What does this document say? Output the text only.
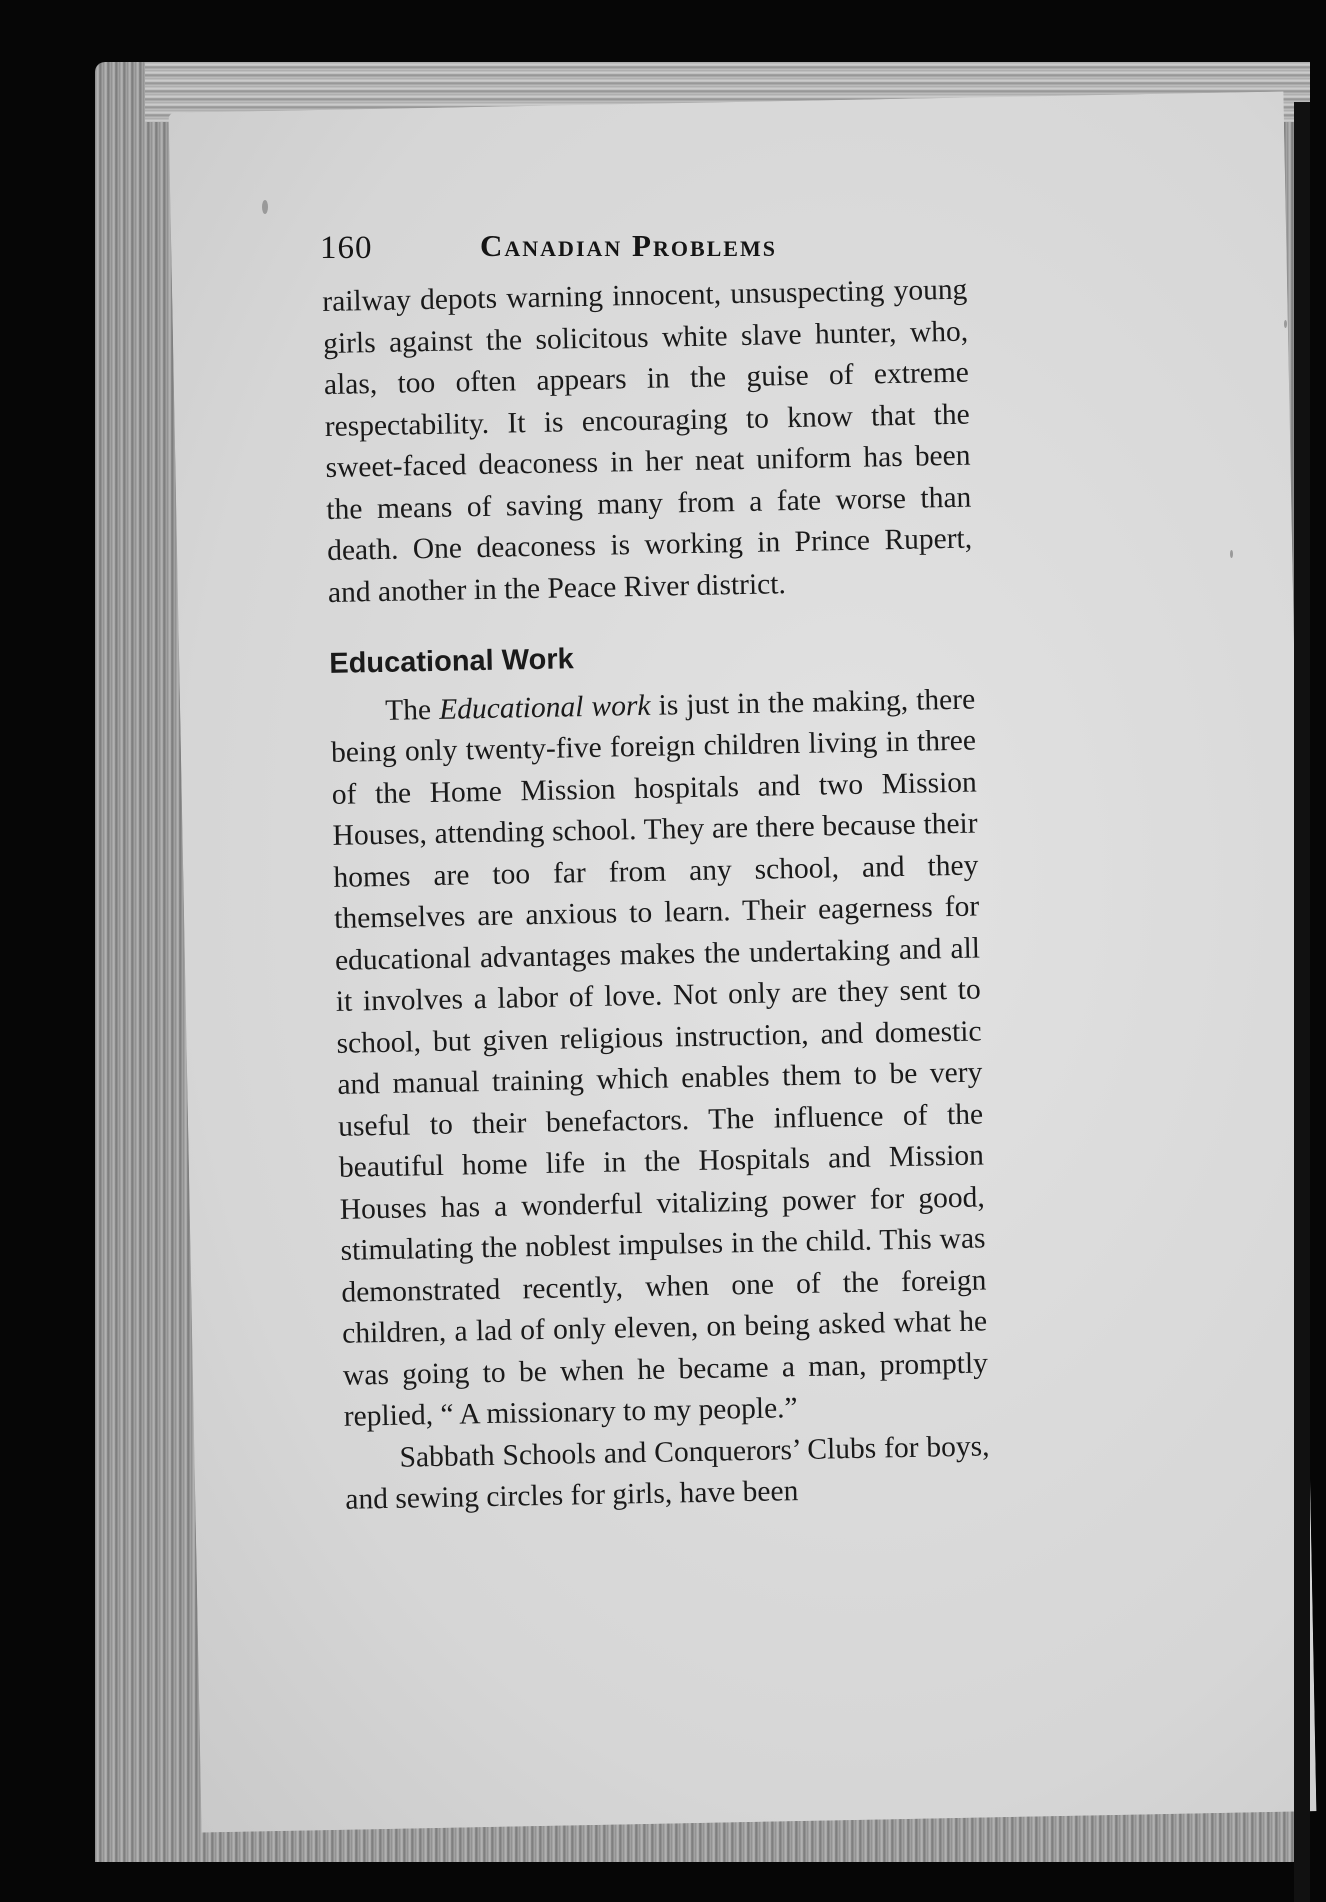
160	Canadian Problems

railway depots warning innocent, unsuspecting young girls against the solicitous white slave hunter, who, alas, too often appears in the guise of extreme respectability. It is encouraging to know that the sweet-faced deaconess in her neat uniform has been the means of saving many from a fate worse than death. One deaconess is working in Prince Rupert, and another in the Peace River district.

Educational Work

The Educational work is just in the making, there being only twenty-five foreign children living in three of the Home Mission hospitals and two Mission Houses, attending school. They are there because their homes are too far from any school, and they themselves are anxious to learn. Their eagerness for educational advantages makes the undertaking and all it involves a labor of love. Not only are they sent to school, but given religious instruction, and domestic and manual training which enables them to be very useful to their benefactors. The influence of the beautiful home life in the Hospitals and Mission Houses has a wonderful vitalizing power for good, stimulating the noblest impulses in the child. This was demonstrated recently, when one of the foreign children, a lad of only eleven, on being asked what he was going to be when he became a man, promptly replied, “ A missionary to my people.”

Sabbath Schools and Conquerors’ Clubs for boys, and sewing circles for girls, have been
